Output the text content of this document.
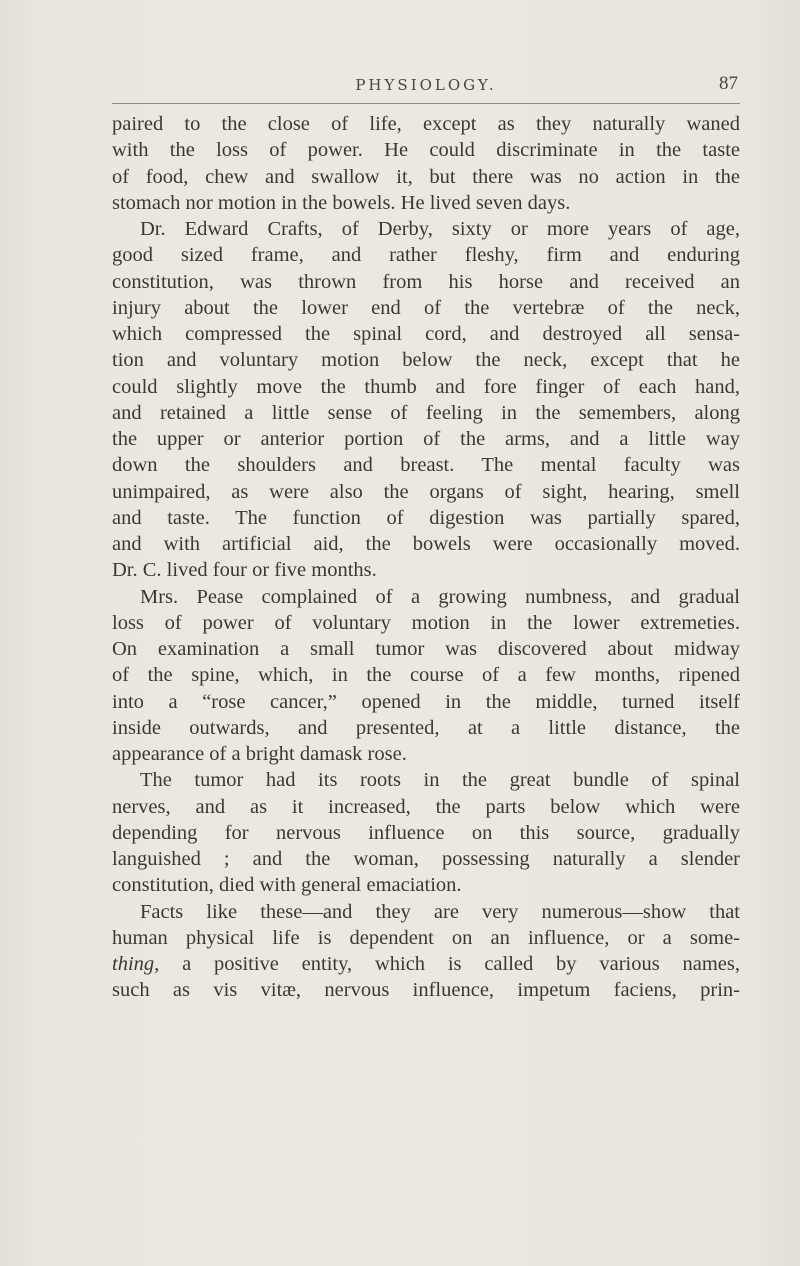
PHYSIOLOGY.	87
paired to the close of life, except as they naturally waned
with the loss of power. He could discriminate in the taste
of food, chew and swallow it, but there was no action in the
stomach nor motion in the bowels. He lived seven days.
Dr. Edward Crafts, of Derby, sixty or more years of age,
good sized frame, and rather fleshy, firm and enduring
constitution, was thrown from his horse and received an
injury about the lower end of the vertebræ of the neck,
which compressed the spinal cord, and destroyed all sensa-
tion and voluntary motion below the neck, except that he
could slightly move the thumb and fore finger of each hand,
and retained a little sense of feeling in the semembers, along
the upper or anterior portion of the arms, and a little way
down the shoulders and breast. The mental faculty was
unimpaired, as were also the organs of sight, hearing, smell
and taste. The function of digestion was partially spared,
and with artificial aid, the bowels were occasionally moved.
Dr. C. lived four or five months.
Mrs. Pease complained of a growing numbness, and gradual
loss of power of voluntary motion in the lower extremeties.
On examination a small tumor was discovered about midway
of the spine, which, in the course of a few months, ripened
into a “rose cancer,” opened in the middle, turned itself
inside outwards, and presented, at a little distance, the
appearance of a bright damask rose.
The tumor had its roots in the great bundle of spinal
nerves, and as it increased, the parts below which were
depending for nervous influence on this source, gradually
languished ; and the woman, possessing naturally a slender
constitution, died with general emaciation.
Facts like these—and they are very numerous—show that
human physical life is dependent on an influence, or a some-
thing, a positive entity, which is called by various names,
such as vis vitæ, nervous influence, impetum faciens, prin-
